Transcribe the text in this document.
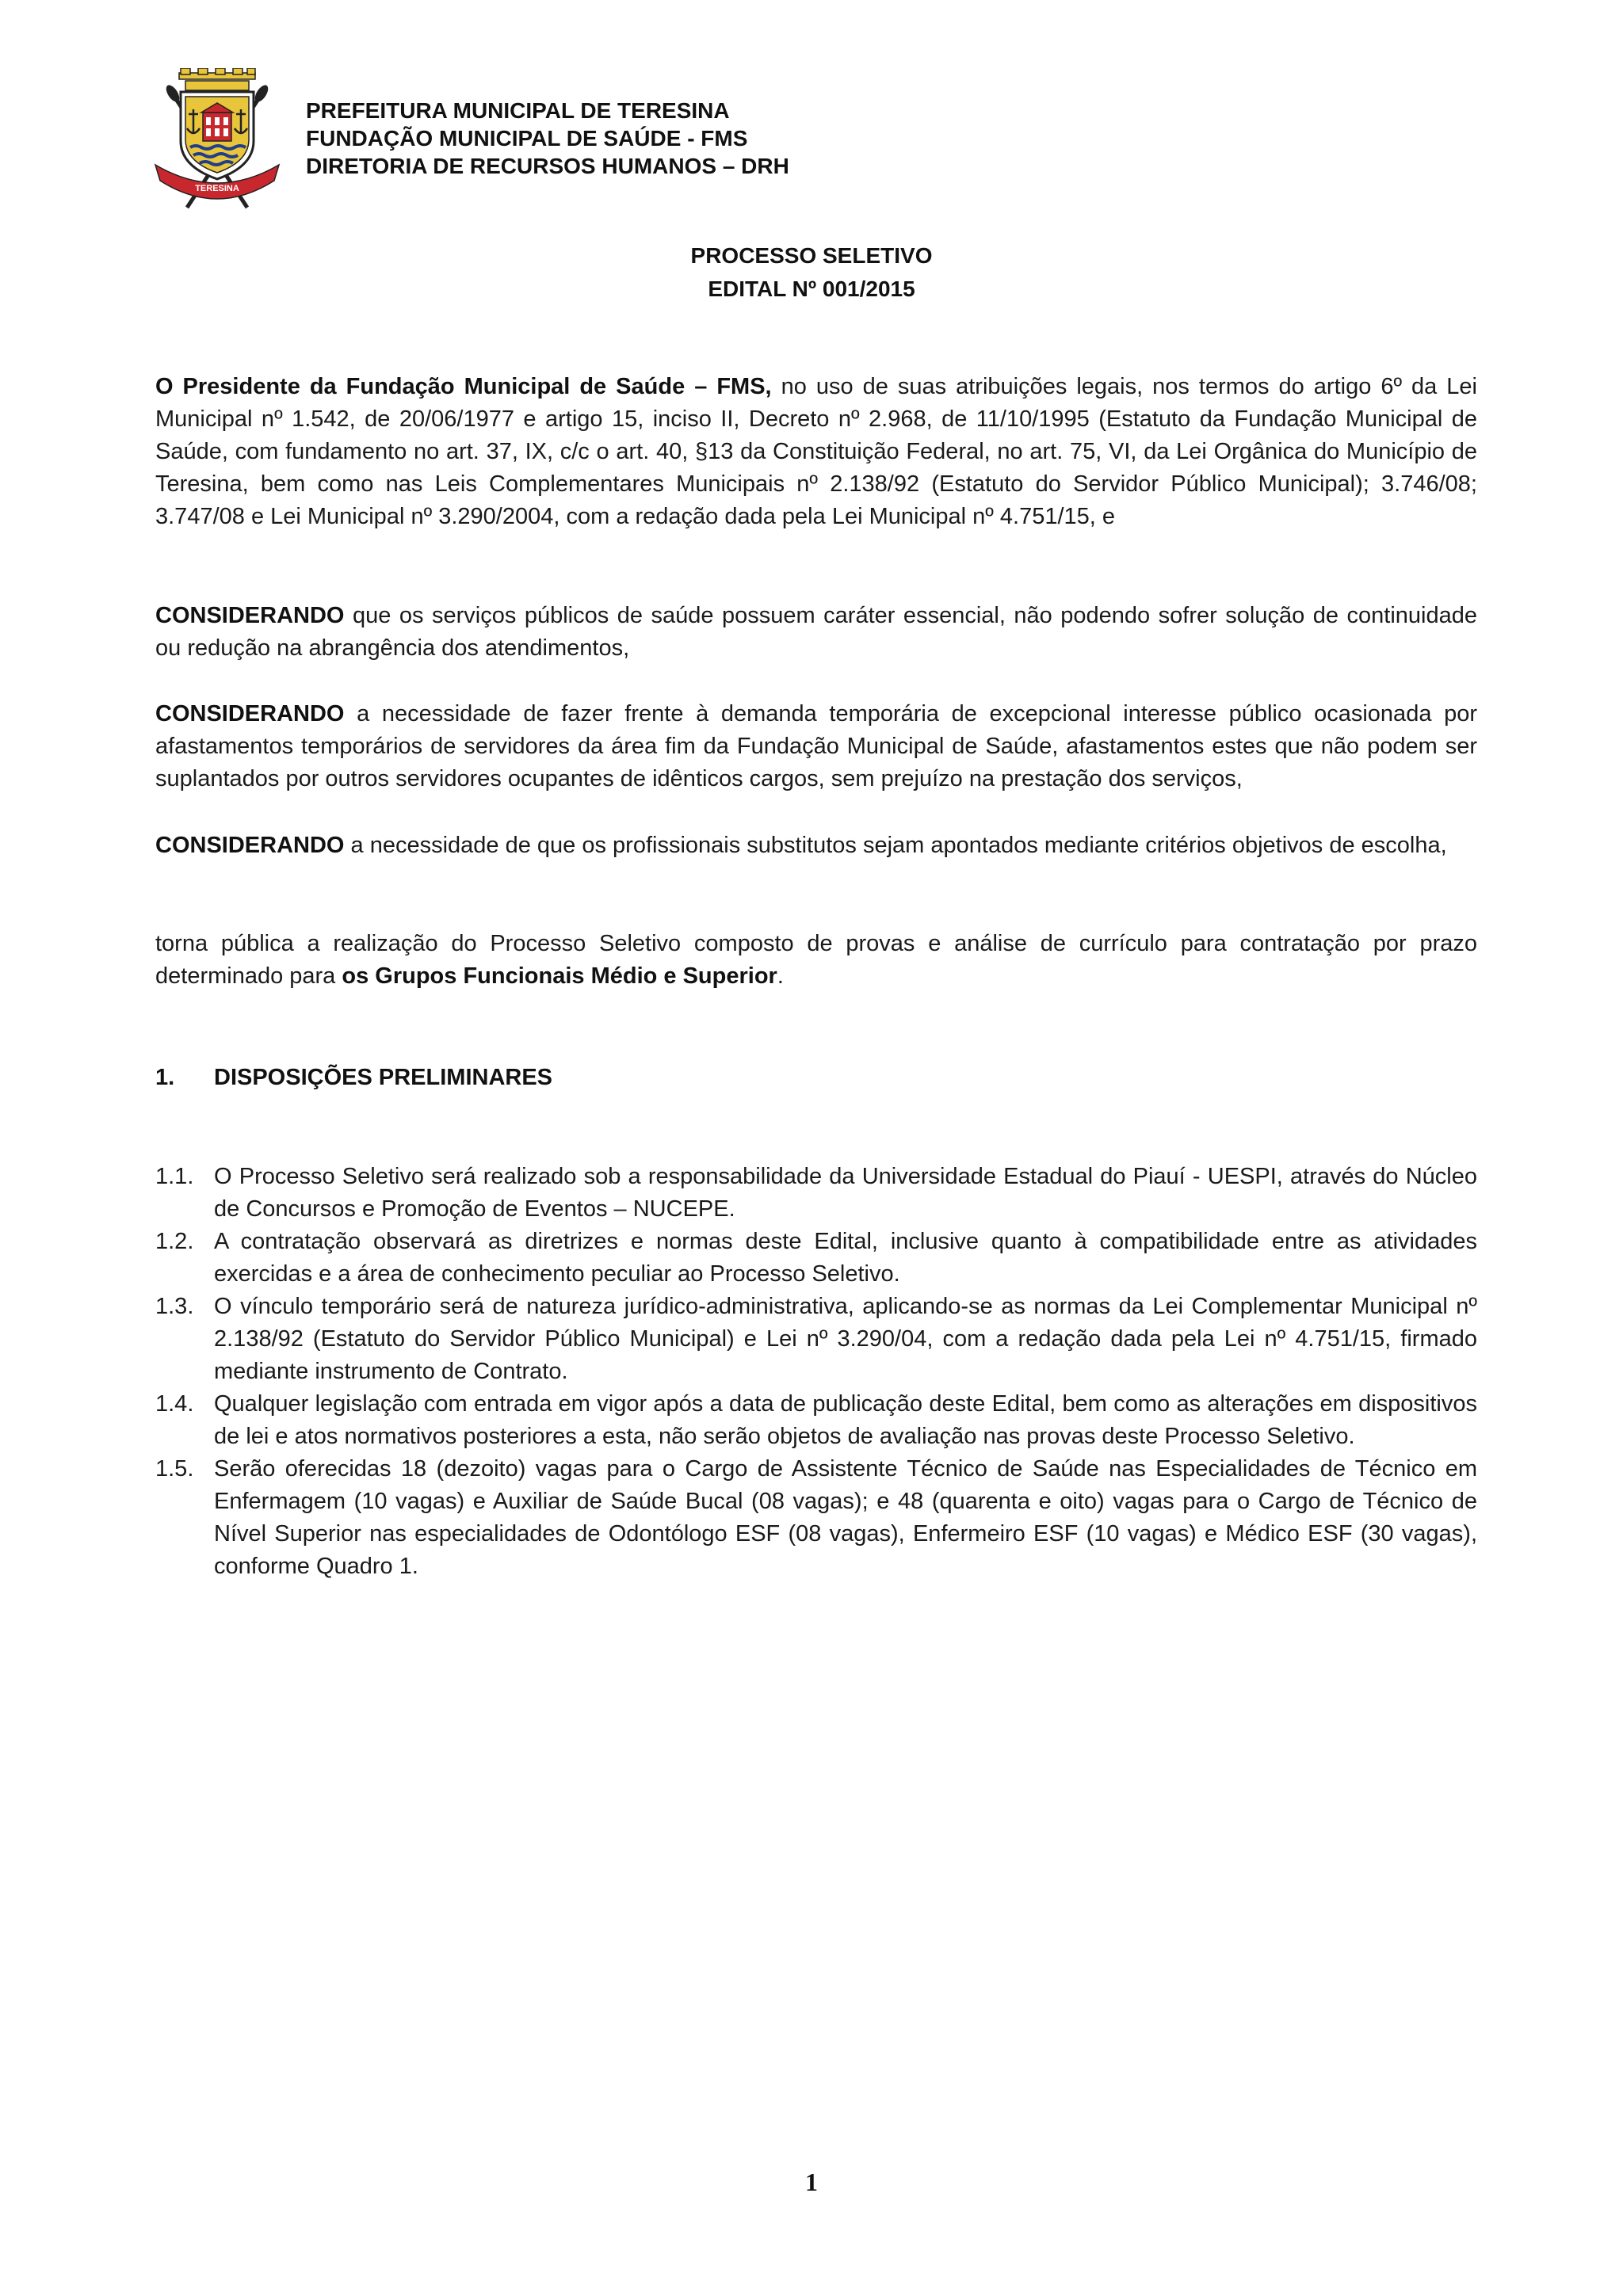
TERESINA
PREFEITURA MUNICIPAL DE TERESINA
FUNDAÇÃO MUNICIPAL DE SAÚDE - FMS
DIRETORIA DE RECURSOS HUMANOS – DRH
PROCESSO SELETIVO
EDITAL Nº 001/2015
O Presidente da Fundação Municipal de Saúde – FMS, no uso de suas atribuições legais, nos termos do artigo 6º da Lei Municipal nº 1.542, de 20/06/1977 e artigo 15, inciso II, Decreto nº 2.968, de 11/10/1995 (Estatuto da Fundação Municipal de Saúde, com fundamento no art. 37, IX, c/c o art. 40, §13 da Constituição Federal, no art. 75, VI, da Lei Orgânica do Município de Teresina, bem como nas Leis Complementares Municipais nº 2.138/92 (Estatuto do Servidor Público Municipal); 3.746/08; 3.747/08 e Lei Municipal nº 3.290/2004, com a redação dada pela Lei Municipal nº 4.751/15, e
CONSIDERANDO que os serviços públicos de saúde possuem caráter essencial, não podendo sofrer solução de continuidade ou redução na abrangência dos atendimentos,
CONSIDERANDO a necessidade de fazer frente à demanda temporária de excepcional interesse público ocasionada por afastamentos temporários de servidores da área fim da Fundação Municipal de Saúde, afastamentos estes que não podem ser suplantados por outros servidores ocupantes de idênticos cargos, sem prejuízo na prestação dos serviços,
CONSIDERANDO a necessidade de que os profissionais substitutos sejam apontados mediante critérios objetivos de escolha,
torna pública a realização do Processo Seletivo composto de provas e análise de currículo para contratação por prazo determinado para os Grupos Funcionais Médio e Superior.
1. DISPOSIÇÕES PRELIMINARES
1.1. O Processo Seletivo será realizado sob a responsabilidade da Universidade Estadual do Piauí - UESPI, através do Núcleo de Concursos e Promoção de Eventos – NUCEPE.
1.2. A contratação observará as diretrizes e normas deste Edital, inclusive quanto à compatibilidade entre as atividades exercidas e a área de conhecimento peculiar ao Processo Seletivo.
1.3. O vínculo temporário será de natureza jurídico-administrativa, aplicando-se as normas da Lei Complementar Municipal nº 2.138/92 (Estatuto do Servidor Público Municipal) e Lei nº 3.290/04, com a redação dada pela Lei nº 4.751/15, firmado mediante instrumento de Contrato.
1.4. Qualquer legislação com entrada em vigor após a data de publicação deste Edital, bem como as alterações em dispositivos de lei e atos normativos posteriores a esta, não serão objetos de avaliação nas provas deste Processo Seletivo.
1.5. Serão oferecidas 18 (dezoito) vagas para o Cargo de Assistente Técnico de Saúde nas Especialidades de Técnico em Enfermagem (10 vagas) e Auxiliar de Saúde Bucal (08 vagas); e 48 (quarenta e oito) vagas para o Cargo de Técnico de Nível Superior nas especialidades de Odontólogo ESF (08 vagas), Enfermeiro ESF (10 vagas) e Médico ESF (30 vagas), conforme Quadro 1.
1
